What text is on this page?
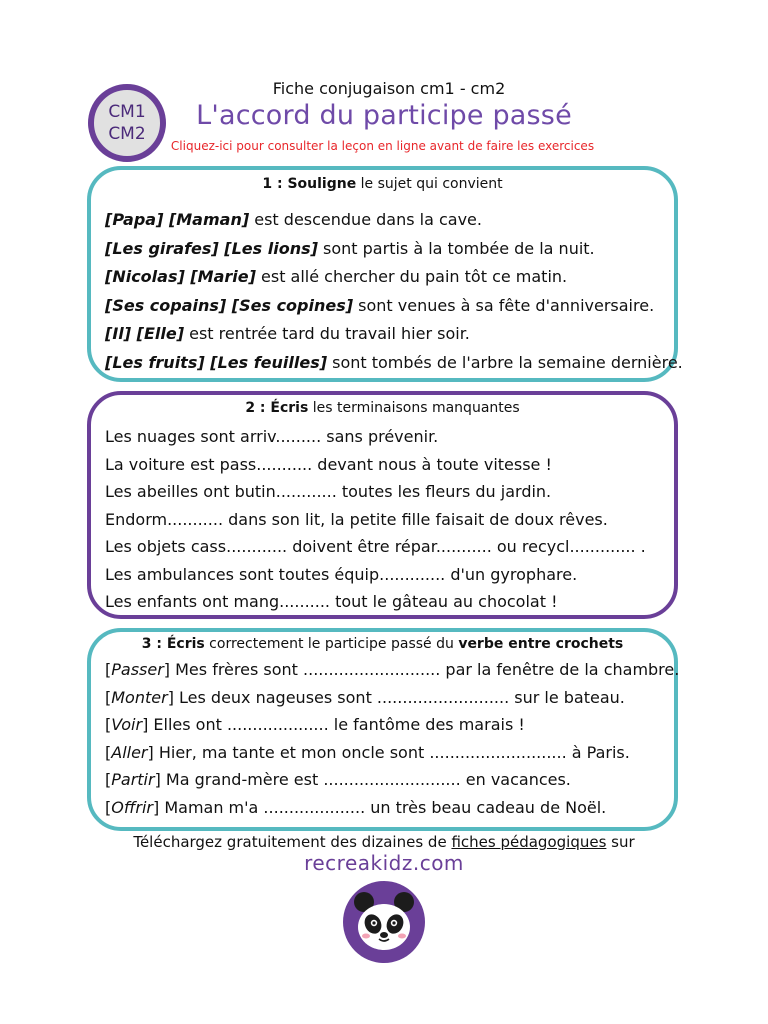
CM1
CM2
Fiche conjugaison cm1 - cm2
L'accord du participe passé
Cliquez-ici pour consulter la leçon en ligne avant de faire les exercices
1 : Souligne le sujet qui convient
[Papa] [Maman] est descendue dans la cave.
[Les girafes] [Les lions] sont partis à la tombée de la nuit.
[Nicolas] [Marie] est allé chercher du pain tôt ce matin.
[Ses copains] [Ses copines] sont venues à sa fête d'anniversaire.
[Il] [Elle] est rentrée tard du travail hier soir.
[Les fruits] [Les feuilles] sont tombés de l'arbre la semaine dernière.
2 : Écris les terminaisons manquantes
Les nuages sont arriv......... sans prévenir.
La voiture est pass........... devant nous à toute vitesse !
Les abeilles ont butin............ toutes les fleurs du jardin.
Endorm........... dans son lit, la petite fille faisait de doux rêves.
Les objets cass............ doivent être répar........... ou recycl............. .
Les ambulances sont toutes équip............. d'un gyrophare.
Les enfants ont mang.......... tout le gâteau au chocolat !
3 : Écris correctement le participe passé du verbe entre crochets
[Passer] Mes frères sont ........................... par la fenêtre de la chambre.
[Monter] Les deux nageuses sont .......................... sur le bateau.
[Voir] Elles ont .................... le fantôme des marais !
[Aller] Hier, ma tante et mon oncle sont ........................... à Paris.
[Partir] Ma grand-mère est ........................... en vacances.
[Offrir] Maman m'a .................... un très beau cadeau de Noël.
Téléchargez gratuitement des dizaines de fiches pédagogiques sur
recreakidz.com
